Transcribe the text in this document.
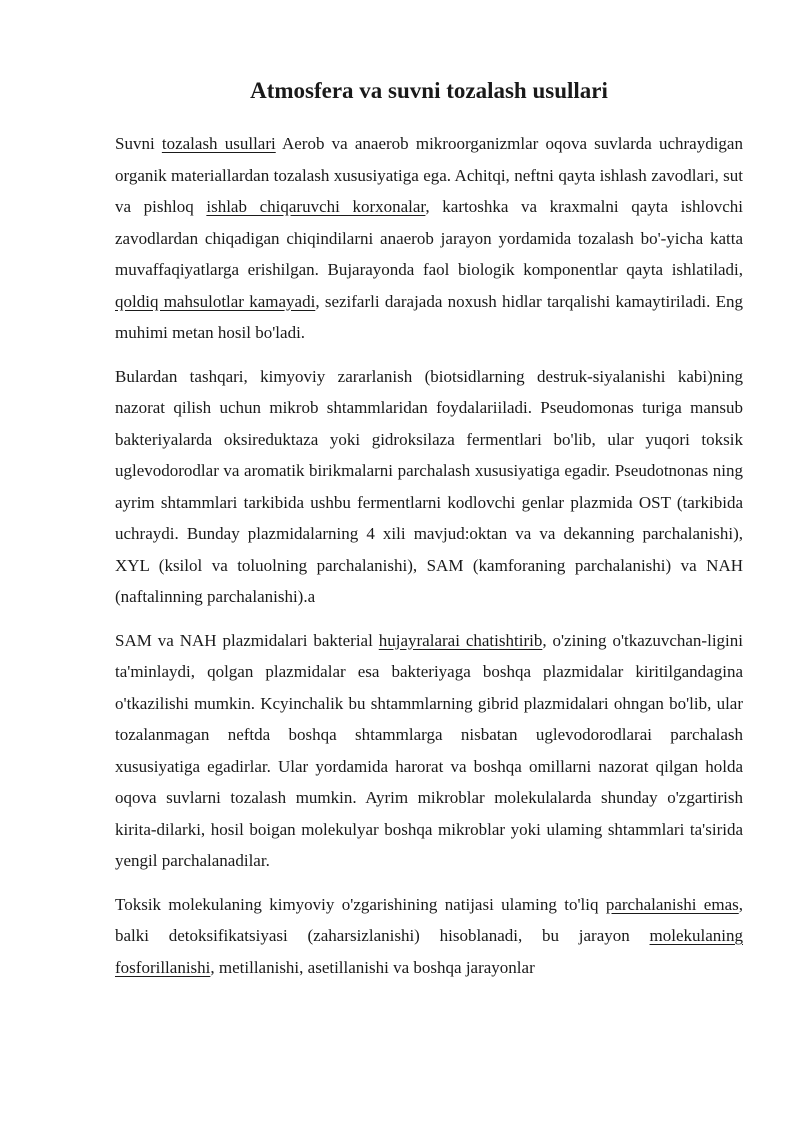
Atmosfera va suvni tozalash usullari

Suvni tozalash usullari Aerob va anaerob mikroorganizmlar oqova suvlarda uchraydigan organik materiallardan tozalash xususiyatiga ega. Achitqi, neftni qayta ishlash zavodlari, sut va pishloq ishlab chiqaruvchi korxonalar, kartoshka va kraxmalni qayta ishlovchi zavodlardan chiqadigan chiqindilarni anaerob jarayon yordamida tozalash bo'-yicha katta muvaffaqiyatlarga erishilgan. Bujarayonda faol biologik komponentlar qayta ishlatiladi, qoldiq mahsulotlar kamayadi, sezifarli darajada noxush hidlar tarqalishi kamaytiriladi. Eng muhimi metan hosil bo'ladi.

Bulardan tashqari, kimyoviy zararlanish (biotsidlarning destruk-siyalanishi kabi)ning nazorat qilish uchun mikrob shtammlaridan foydalariiladi. Pseudomonas turiga mansub bakteriyalarda oksireduktaza yoki gidroksilaza fermentlari bo'lib, ular yuqori toksik uglevodorodlar va aromatik birikmalarni parchalash xususiyatiga egadir. Pseudotnonas ning ayrim shtammlari tarkibida ushbu fermentlarni kodlovchi genlar plazmida OST (tarkibida uchraydi. Bunday plazmidalarning 4 xili mavjud:oktan va va dekanning parchalanishi), XYL (ksilol va toluolning parchalanishi), SAM (kamforaning parchalanishi) va NAH (naftalinning parchalanishi).a

SAM va NAH plazmidalari bakterial hujayralarai chatishtirib, o'zining o'tkazuvchan-ligini ta'minlaydi, qolgan plazmidalar esa bakteriyaga boshqa plazmidalar kiritilgandagina o'tkazilishi mumkin. Kcyinchalik bu shtammlarning gibrid plazmidalari ohngan bo'lib, ular tozalanmagan neftda boshqa shtammlarga nisbatan uglevodorodlarai parchalash xususiyatiga egadirlar. Ular yordamida harorat va boshqa omillarni nazorat qilgan holda oqova suvlarni tozalash mumkin. Ayrim mikroblar molekulalarda shunday o'zgartirish kirita-dilarki, hosil boigan molekulyar boshqa mikroblar yoki ulaming shtammlari ta'sirida yengil parchalanadilar.

Toksik molekulaning kimyoviy o'zgarishining natijasi ulaming to'liq parchalanishi emas, balki detoksifikatsiyasi (zaharsizlanishi) hisoblanadi, bu jarayon molekulaning fosforillanishi, metillanishi, asetillanishi va boshqa jarayonlar
